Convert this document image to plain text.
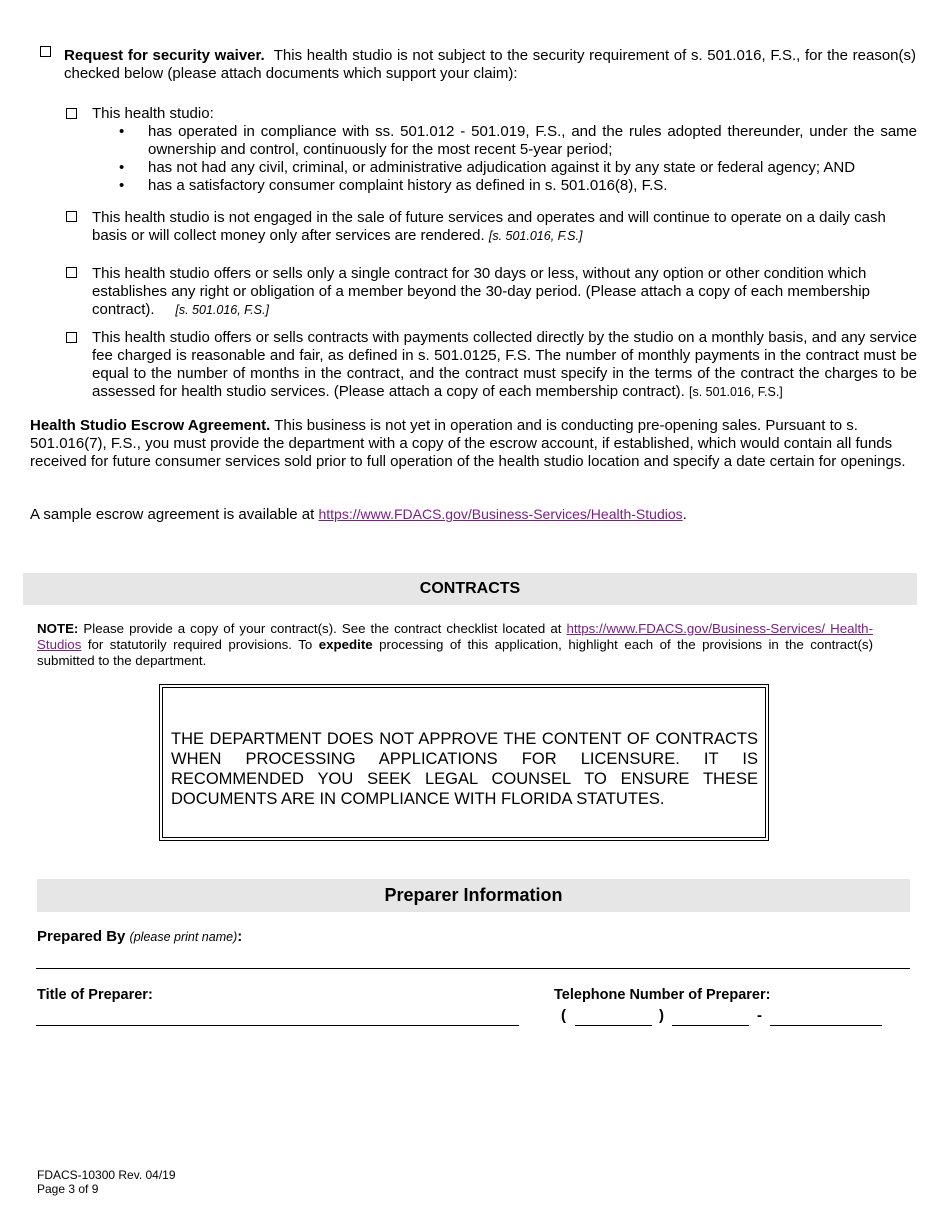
Request for security waiver. This health studio is not subject to the security requirement of s. 501.016, F.S., for the reason(s) checked below (please attach documents which support your claim):
This health studio:
• has operated in compliance with ss. 501.012 - 501.019, F.S., and the rules adopted thereunder, under the same ownership and control, continuously for the most recent 5-year period;
• has not had any civil, criminal, or administrative adjudication against it by any state or federal agency; AND
• has a satisfactory consumer complaint history as defined in s. 501.016(8), F.S.
This health studio is not engaged in the sale of future services and operates and will continue to operate on a daily cash basis or will collect money only after services are rendered. [s. 501.016, F.S.]
This health studio offers or sells only a single contract for 30 days or less, without any option or other condition which establishes any right or obligation of a member beyond the 30-day period. (Please attach a copy of each membership contract). [s. 501.016, F.S.]
This health studio offers or sells contracts with payments collected directly by the studio on a monthly basis, and any service fee charged is reasonable and fair, as defined in s. 501.0125, F.S. The number of monthly payments in the contract must be equal to the number of months in the contract, and the contract must specify in the terms of the contract the charges to be assessed for health studio services. (Please attach a copy of each membership contract). [s. 501.016, F.S.]
Health Studio Escrow Agreement. This business is not yet in operation and is conducting pre-opening sales. Pursuant to s. 501.016(7), F.S., you must provide the department with a copy of the escrow account, if established, which would contain all funds received for future consumer services sold prior to full operation of the health studio location and specify a date certain for openings.
A sample escrow agreement is available at https://www.FDACS.gov/Business-Services/Health-Studios.
CONTRACTS
NOTE: Please provide a copy of your contract(s). See the contract checklist located at https://www.FDACS.gov/Business-Services/ Health-Studios for statutorily required provisions. To expedite processing of this application, highlight each of the provisions in the contract(s) submitted to the department.
THE DEPARTMENT DOES NOT APPROVE THE CONTENT OF CONTRACTS WHEN PROCESSING APPLICATIONS FOR LICENSURE. IT IS RECOMMENDED YOU SEEK LEGAL COUNSEL TO ENSURE THESE DOCUMENTS ARE IN COMPLIANCE WITH FLORIDA STATUTES.
Preparer Information
Prepared By (please print name):
Title of Preparer:	Telephone Number of Preparer:
(	)	-
FDACS-10300 Rev. 04/19
Page 3 of 9
